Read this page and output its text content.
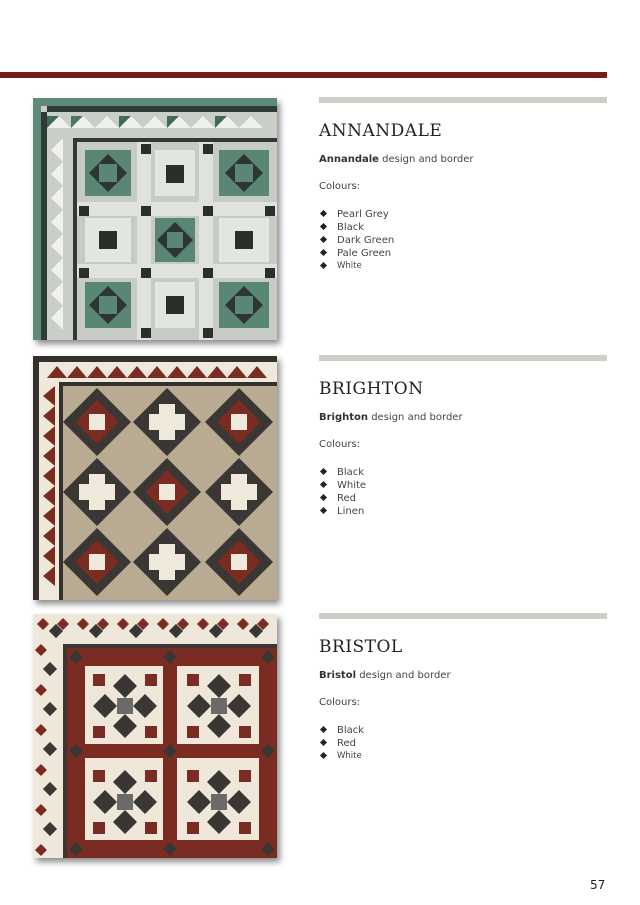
ANNANDALE
Annandale design and border
Colours:
Pearl Grey
Black
Dark Green
Pale Green
White
BRIGHTON
Brighton design and border
Colours:
Black
White
Red
Linen
BRISTOL
Bristol design and border
Colours:
Black
Red
White
57
